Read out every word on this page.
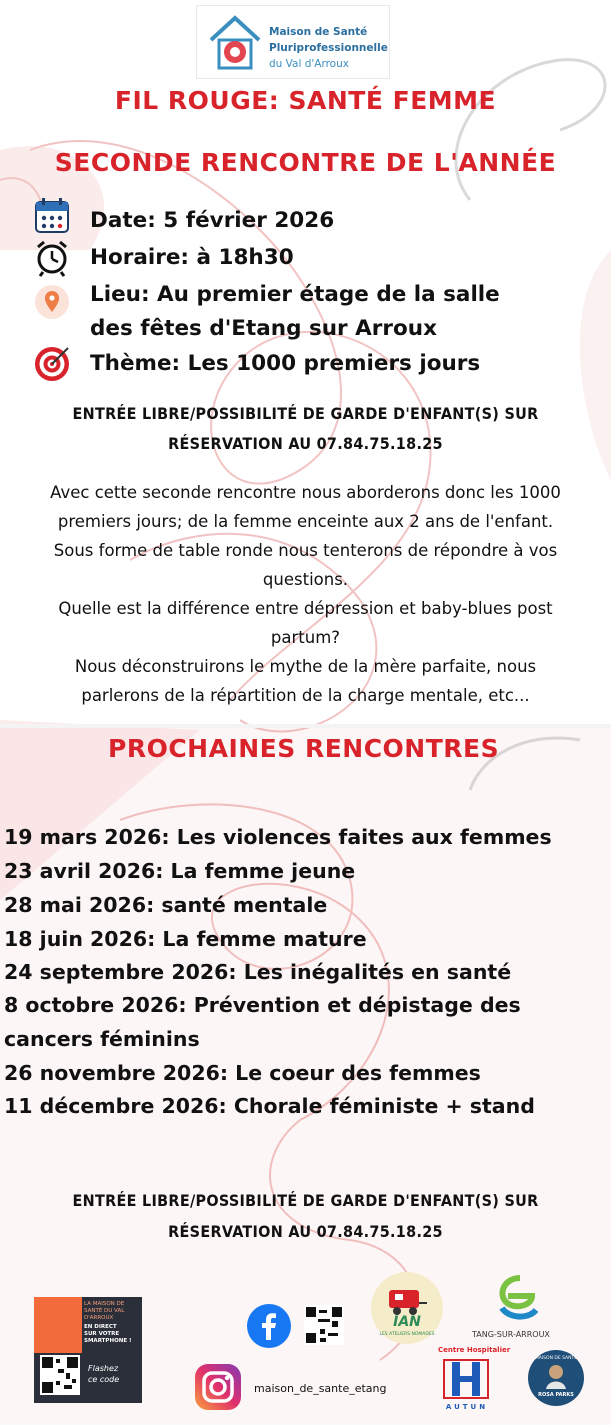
Maison de Santé
Pluriprofessionnelle
du Val d'Arroux
FIL ROUGE: SANTÉ FEMME
SECONDE RENCONTRE DE L'ANNÉE
Date: 5 février 2026
Horaire: à 18h30
Lieu: Au premier étage de la salle
des fêtes d'Etang sur Arroux
Thème: Les 1000 premiers jours
ENTRÉE LIBRE/POSSIBILITÉ DE GARDE D'ENFANT(S) SUR
RÉSERVATION AU 07.84.75.18.25
Avec cette seconde rencontre nous aborderons donc les 1000
premiers jours; de la femme enceinte aux 2 ans de l'enfant.
Sous forme de table ronde nous tenterons de répondre à vos
questions.
Quelle est la différence entre dépression et baby-blues post
partum?
Nous déconstruirons le mythe de la mère parfaite, nous
parlerons de la répartition de la charge mentale, etc...
PROCHAINES RENCONTRES
19 mars 2026: Les violences faites aux femmes
23 avril 2026: La femme jeune
28 mai 2026: santé mentale
18 juin 2026: La femme mature
24 septembre 2026: Les inégalités en santé
8 octobre 2026: Prévention et dépistage des
cancers féminins
26 novembre 2026: Le coeur des femmes
11 décembre 2026: Chorale féministe + stand
ENTRÉE LIBRE/POSSIBILITÉ DE GARDE D'ENFANT(S) SUR
RÉSERVATION AU 07.84.75.18.25
LA MAISON DE
SANTÉ DU VAL
D'ARROUX
EN DIRECT
SUR VOTRE
SMARTPHONE !
Flashez
ce code
IAN
LES ATELIERS NOMADES	TANG-SUR-ARROUX
maison_de_sante_etang
Centre Hospitalier
AUTUN
MAISON DE SANTÉ
ROSA PARKS
